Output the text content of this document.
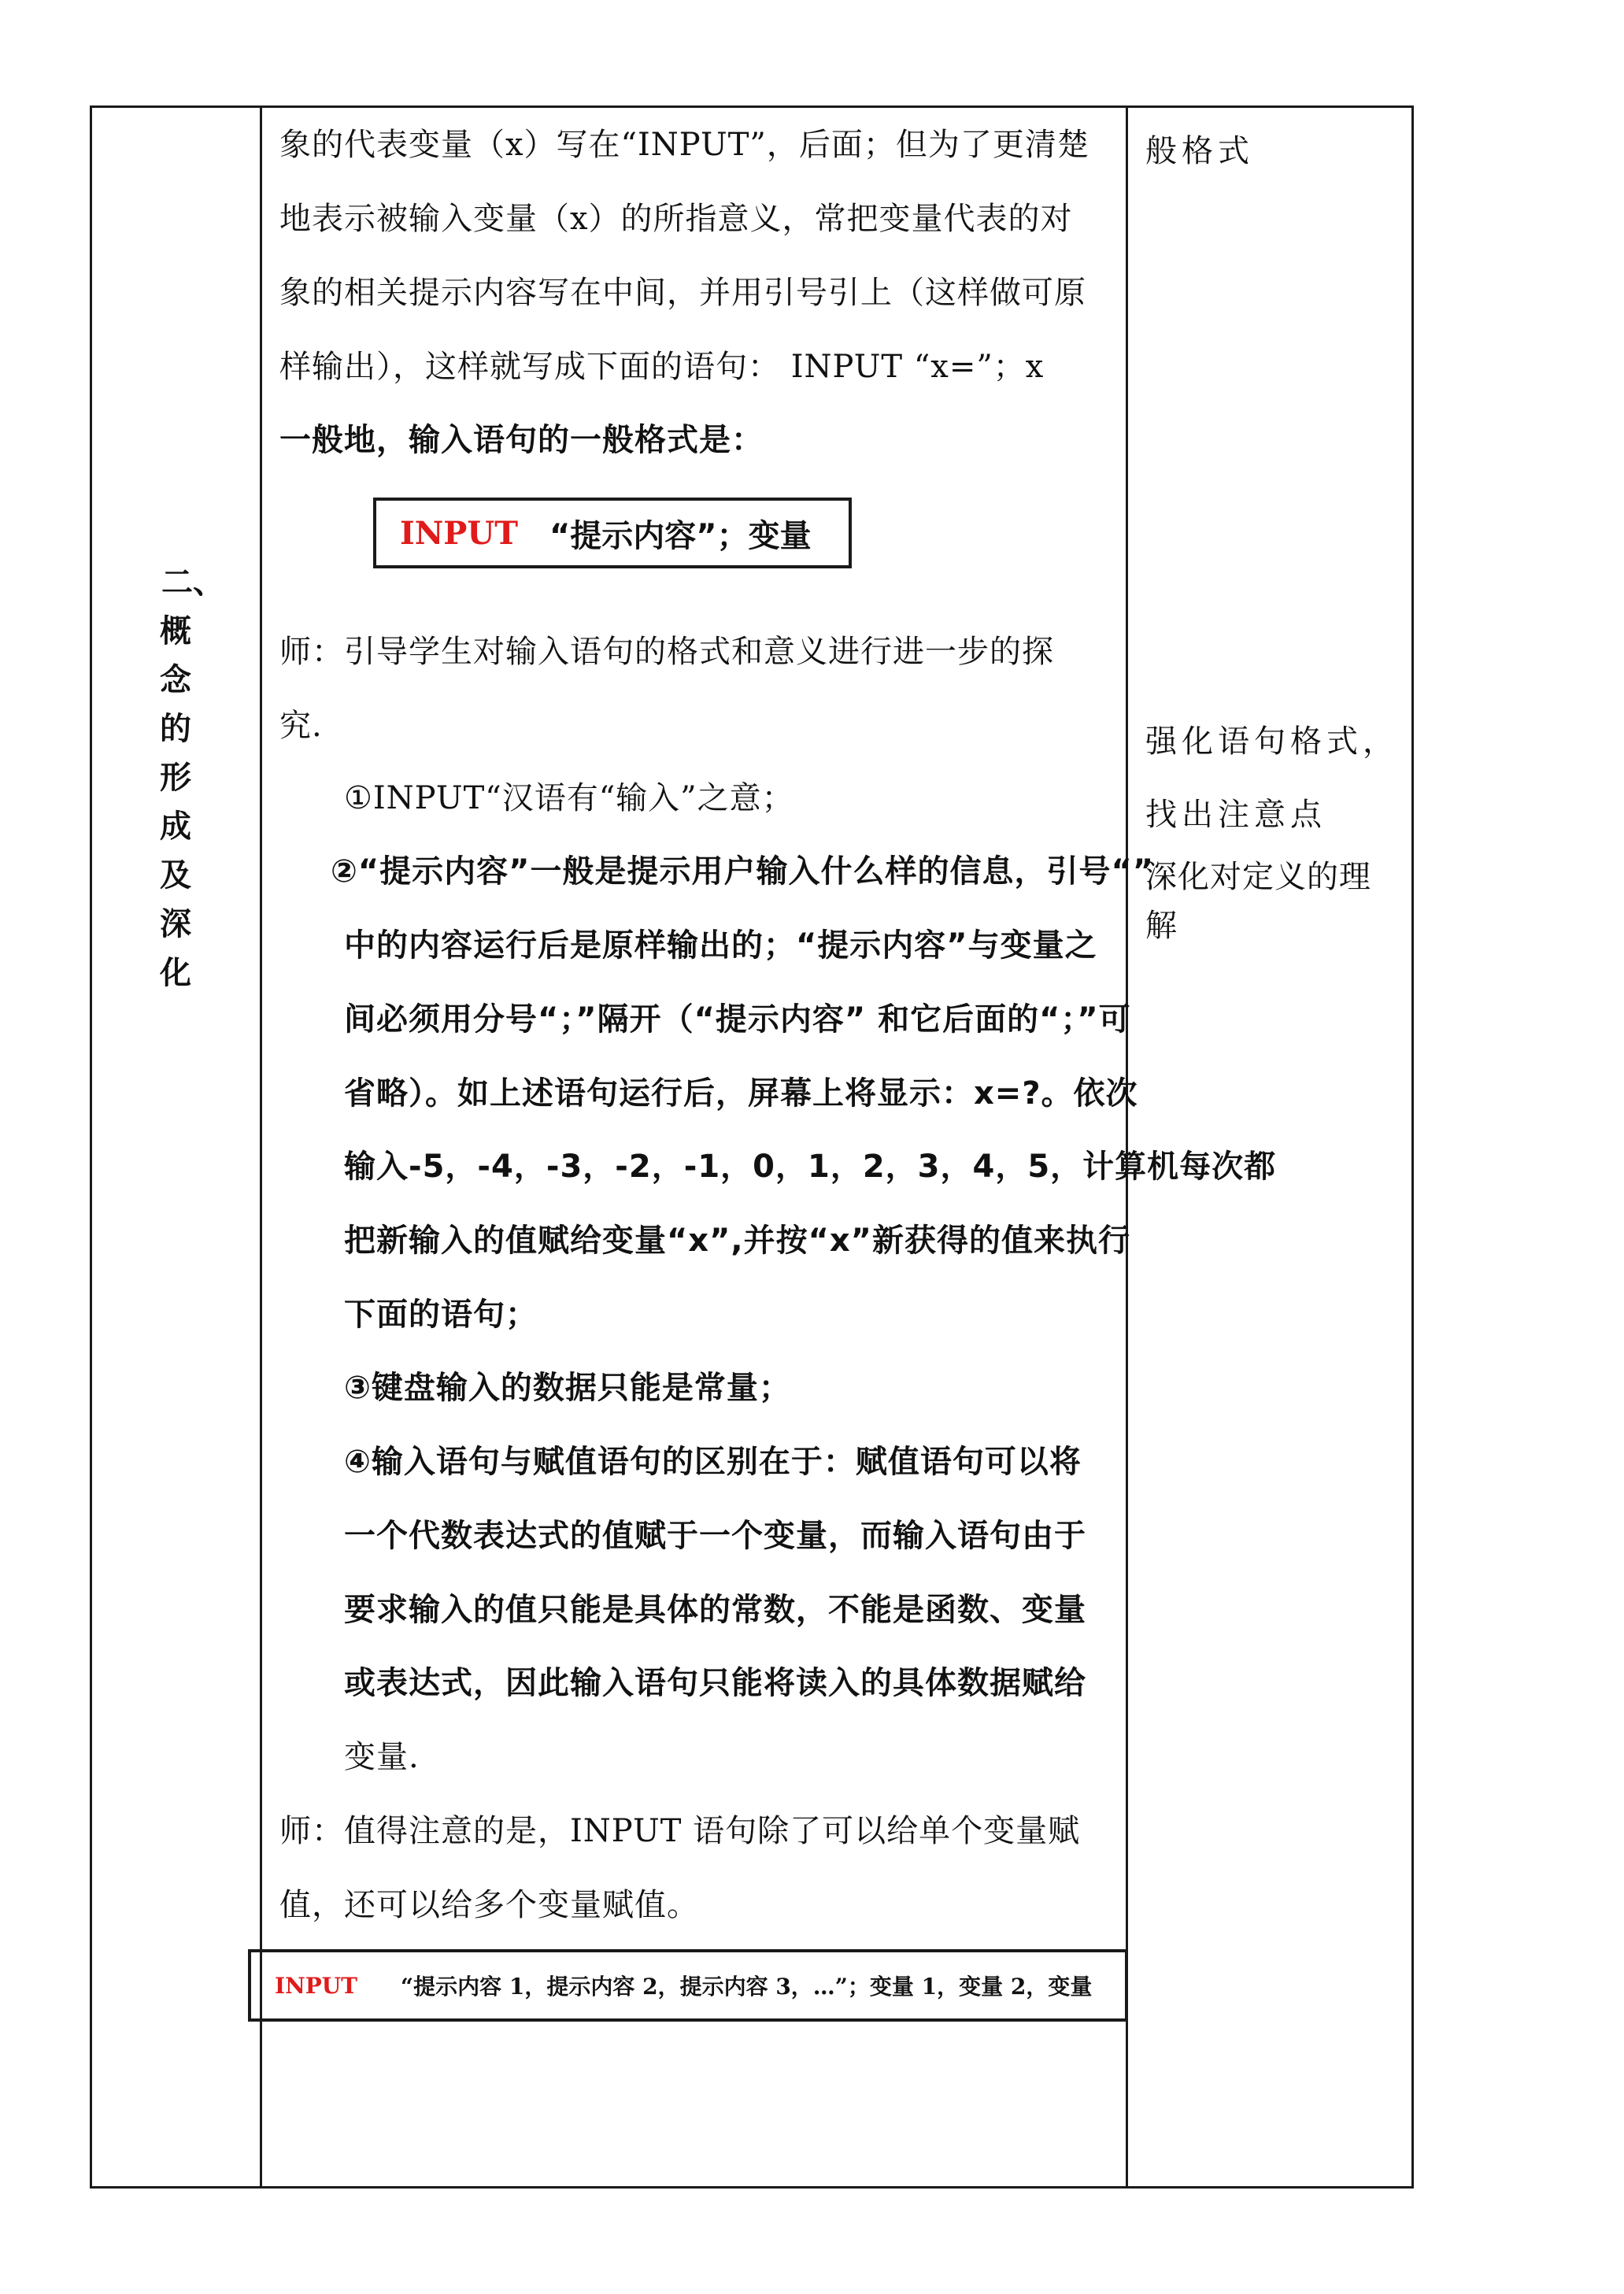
二、
概
念
的
形
成
及
深
化
象的代表变量（x）写在“INPUT”，后面；但为了更清楚
地表示被输入变量（x）的所指意义，常把变量代表的对
象的相关提示内容写在中间，并用引号引上（这样做可原
样输出），这样就写成下面的语句： INPUT “x=”；x
一般地，输入语句的一般格式是：
INPUT “提示内容”；变量
师：引导学生对输入语句的格式和意义进行进一步的探
究.
①INPUT“汉语有“输入”之意；
②“提示内容”一般是提示用户输入什么样的信息，引号“”
中的内容运行后是原样输出的；“提示内容”与变量之
间必须用分号“；”隔开（“提示内容” 和它后面的“；”可
省略）。如上述语句运行后，屏幕上将显示：x=?。依次
输入-5，-4，-3，-2，-1，0，1，2，3，4，5，计算机每次都
把新输入的值赋给变量“x”,并按“x”新获得的值来执行
下面的语句；
③键盘输入的数据只能是常量；
④输入语句与赋值语句的区别在于：赋值语句可以将
一个代数表达式的值赋于一个变量，而输入语句由于
要求输入的值只能是具体的常数，不能是函数、变量
或表达式，因此输入语句只能将读入的具体数据赋给
变量.
师：值得注意的是，INPUT 语句除了可以给单个变量赋
值，还可以给多个变量赋值。
INPUT “提示内容 1，提示内容 2，提示内容 3，…”；变量 1，变量 2，变量
般格式
强化语句格式，
找出注意点
深化对定义的理
解
